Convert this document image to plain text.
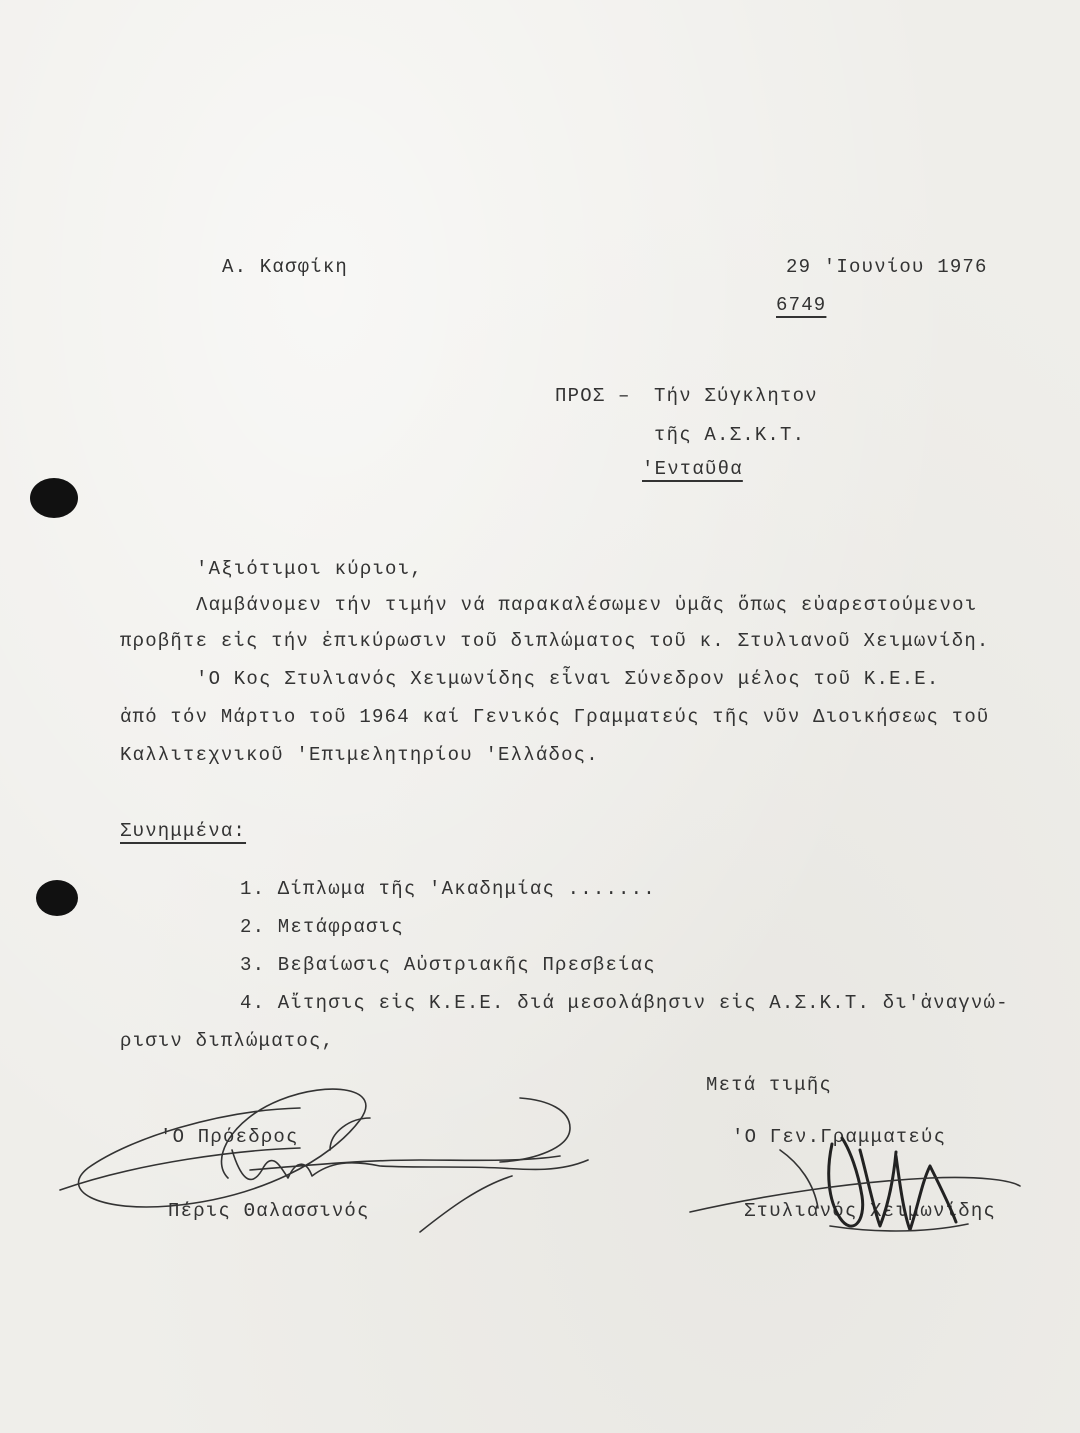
Α. Κασφίκη	29 'Ιουνίου 1976
6749
ΠΡΟΣ – Τήν Σύγκλητον
τῆς Α.Σ.Κ.Τ.
'Ενταῦθα
'Αξιότιμοι κύριοι,
Λαμβάνομεν τήν τιμήν νά παρακαλέσωμεν ὑμᾶς ὅπως εὐαρεστούμενοι
προβῆτε εἰς τήν ἐπικύρωσιν τοῦ διπλώματος τοῦ κ. Στυλιανοῦ Χειμωνίδη.
'Ο Κος Στυλιανός Χειμωνίδης εἶναι Σύνεδρον μέλος τοῦ Κ.Ε.Ε.
ἀπό τόν Μάρτιο τοῦ 1964 καί Γενικός Γραμματεύς τῆς νῦν Διοικήσεως τοῦ
Καλλιτεχνικοῦ 'Επιμελητηρίου 'Ελλάδος.
Συνημμένα:
1. Δίπλωμα τῆς 'Ακαδημίας .......
2. Μετάφρασις
3. Βεβαίωσις Αὐστριακῆς Πρεσβείας
4. Αἴτησις εἰς Κ.Ε.Ε. διά μεσολάβησιν εἰς Α.Σ.Κ.Τ. δι'ἀναγνώ-
ρισιν διπλώματος,
Μετά τιμῆς
'Ο Πρόεδρος
Πέρις Θαλασσινός
'Ο Γεν.Γραμματεύς
Στυλιανός Χειμωνίδης
